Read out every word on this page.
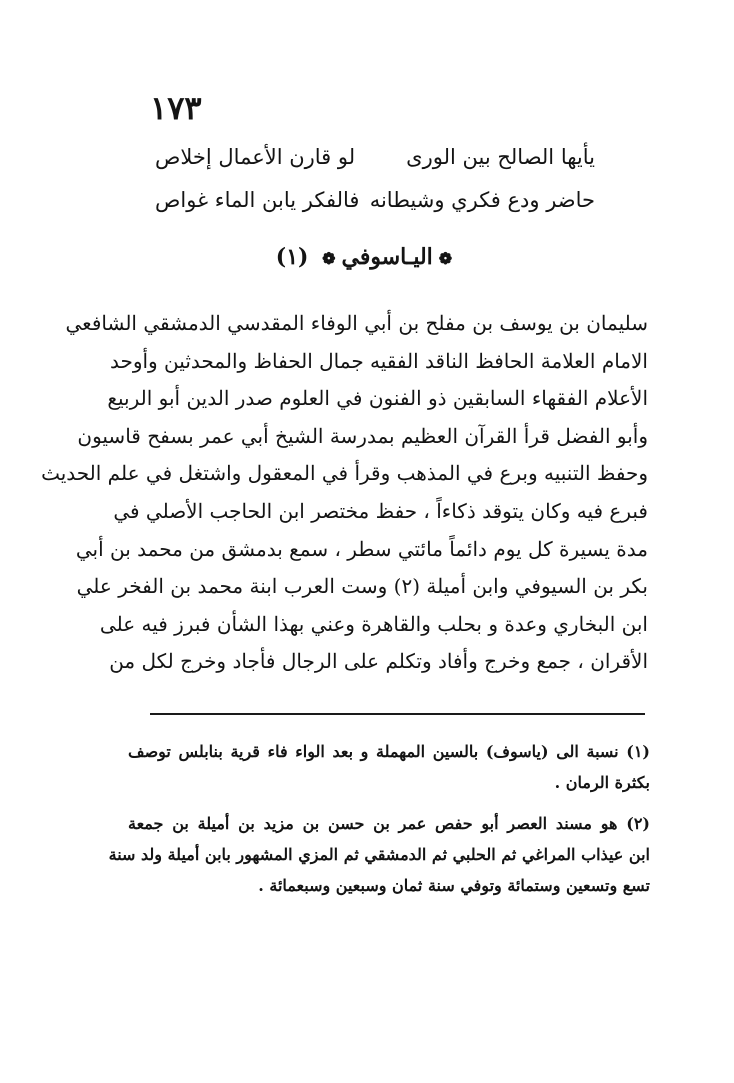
١٧٣
يأيها الصالح بين الورى
لو قارن الأعمال إخلاص
حاضر ودع فكري وشيطانه
فالفكر يابن الماء غواص
❁اليـاسوفي❁ (١)
سليمان بن يوسف بن مفلح بن أبي الوفاء المقدسي الدمشقي الشافعي
الامام العلامة الحافظ الناقد الفقيه جمال الحفاظ والمحدثين وأوحد
الأعلام الفقهاء السابقين ذو الفنون في العلوم صدر الدين أبو الربيع
وأبو الفضل قرأ القرآن العظيم بمدرسة الشيخ أبي عمر بسفح قاسيون
وحفظ التنبيه وبرع في المذهب وقرأ في المعقول واشتغل في علم الحديث
فبرع فيه وكان يتوقد ذكاءاً ، حفظ مختصر ابن الحاجب الأصلي في
مدة يسيرة كل يوم دائماً مائتي سطر ، سمع بدمشق من محمد بن أبي
بكر بن السيوفي وابن أميلة (٢) وست العرب ابنة محمد بن الفخر علي
ابن البخاري وعدة و بحلب والقاهرة وعني بهذا الشأن فبرز فيه على
الأقران ، جمع وخرج وأفاد وتكلم على الرجال فأجاد وخرج لكل من
(١) نسبة الى (ياسوف) بالسين المهملة و بعد الواء فاء قرية بنابلس توصف
بكثرة الرمان .
(٢) هو مسند العصر أبو حفص عمر بن حسن بن مزيد بن أميلة بن جمعة
ابن عيذاب المراغي ثم الحلبي ثم الدمشقي ثم المزي المشهور بابن أميلة ولد سنة
تسع وتسعين وستمائة وتوفي سنة ثمان وسبعين وسبعمائة .
